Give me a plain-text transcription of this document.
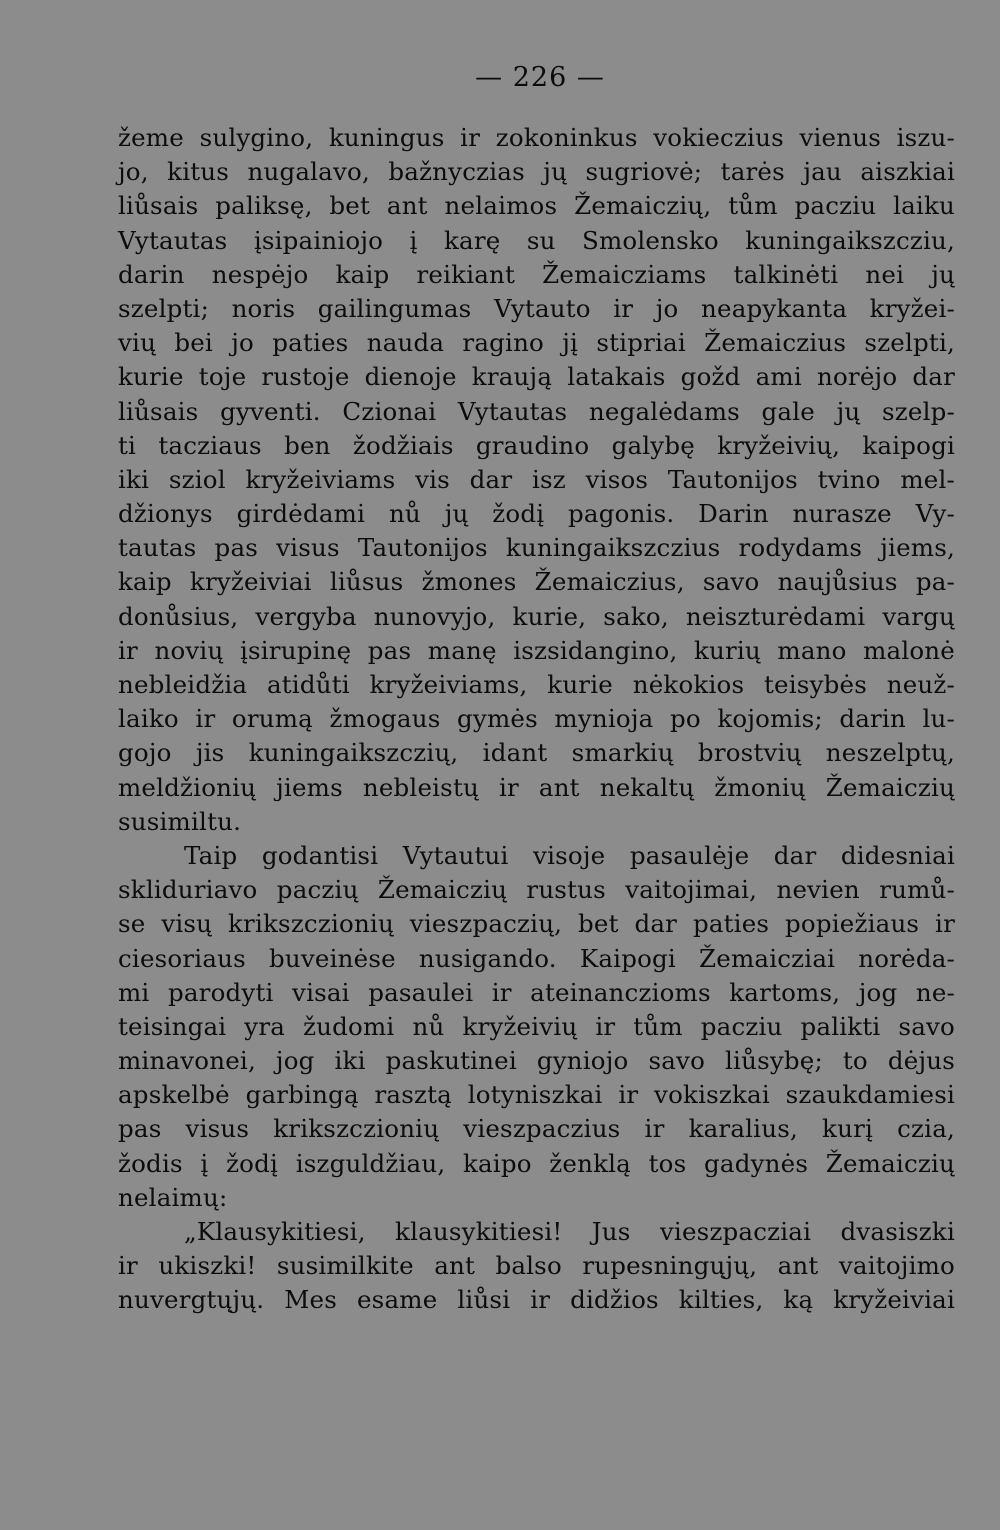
— 226 —
žeme sulygino, kuningus ir zokoninkus vokieczius vienus iszu-
jo, kitus nugalavo, bažnyczias jų sugriovė; tarės jau aiszkiai
liůsais paliksę, bet ant nelaimos Žemaiczių, tům pacziu laiku
Vytautas įsipainiojo į karę su Smolensko kuningaikszcziu,
darin nespėjo kaip reikiant Žemaicziams talkinėti nei jų
szelpti; noris gailingumas Vytauto ir jo neapykanta kryžei-
vių bei jo paties nauda ragino jį stipriai Žemaiczius szelpti,
kurie toje rustoje dienoje kraują latakais gožd ami norėjo dar
liůsais gyventi. Czionai Vytautas negalėdams gale jų szelp-
ti tacziaus ben žodžiais graudino galybę kryžeivių, kaipogi
iki sziol kryžeiviams vis dar isz visos Tautonijos tvino mel-
džionys girdėdami nů jų žodį pagonis. Darin nurasze Vy-
tautas pas visus Tautonijos kuningaikszczius rodydams jiems,
kaip kryžeiviai liůsus žmones Žemaiczius, savo naujůsius pa-
donůsius, vergyba nunovyjo, kurie, sako, neiszturėdami vargų
ir novių įsirupinę pas manę iszsidangino, kurių mano malonė
nebleidžia atidůti kryžeiviams, kurie nėkokios teisybės neuž-
laiko ir orumą žmogaus gymės mynioja po kojomis; darin lu-
gojo jis kuningaikszczių, idant smarkių brostvių neszelptų,
meldžionių jiems nebleistų ir ant nekaltų žmonių Žemaiczių
susimiltu.
Taip godantisi Vytautui visoje pasaulėje dar didesniai
skliduriavo paczių Žemaiczių rustus vaitojimai, nevien rumů-
se visų krikszczionių vieszpaczių, bet dar paties popiežiaus ir
ciesoriaus buveinėse nusigando. Kaipogi Žemaicziai norėda-
mi parodyti visai pasaulei ir ateinanczioms kartoms, jog ne-
teisingai yra žudomi nů kryžeivių ir tům pacziu palikti savo
minavonei, jog iki paskutinei gyniojo savo liůsybę; to dėjus
apskelbė garbingą rasztą lotyniszkai ir vokiszkai szaukdamiesi
pas visus krikszczionių vieszpaczius ir karalius, kurį czia,
žodis į žodį iszguldžiau, kaipo ženklą tos gadynės Žemaiczių
nelaimų:
„Klausykitiesi, klausykitiesi! Jus vieszpacziai dvasiszki
ir ukiszki! susimilkite ant balso rupesningųjų, ant vaitojimo
nuvergtųjų. Mes esame liůsi ir didžios kilties, ką kryžeiviai
